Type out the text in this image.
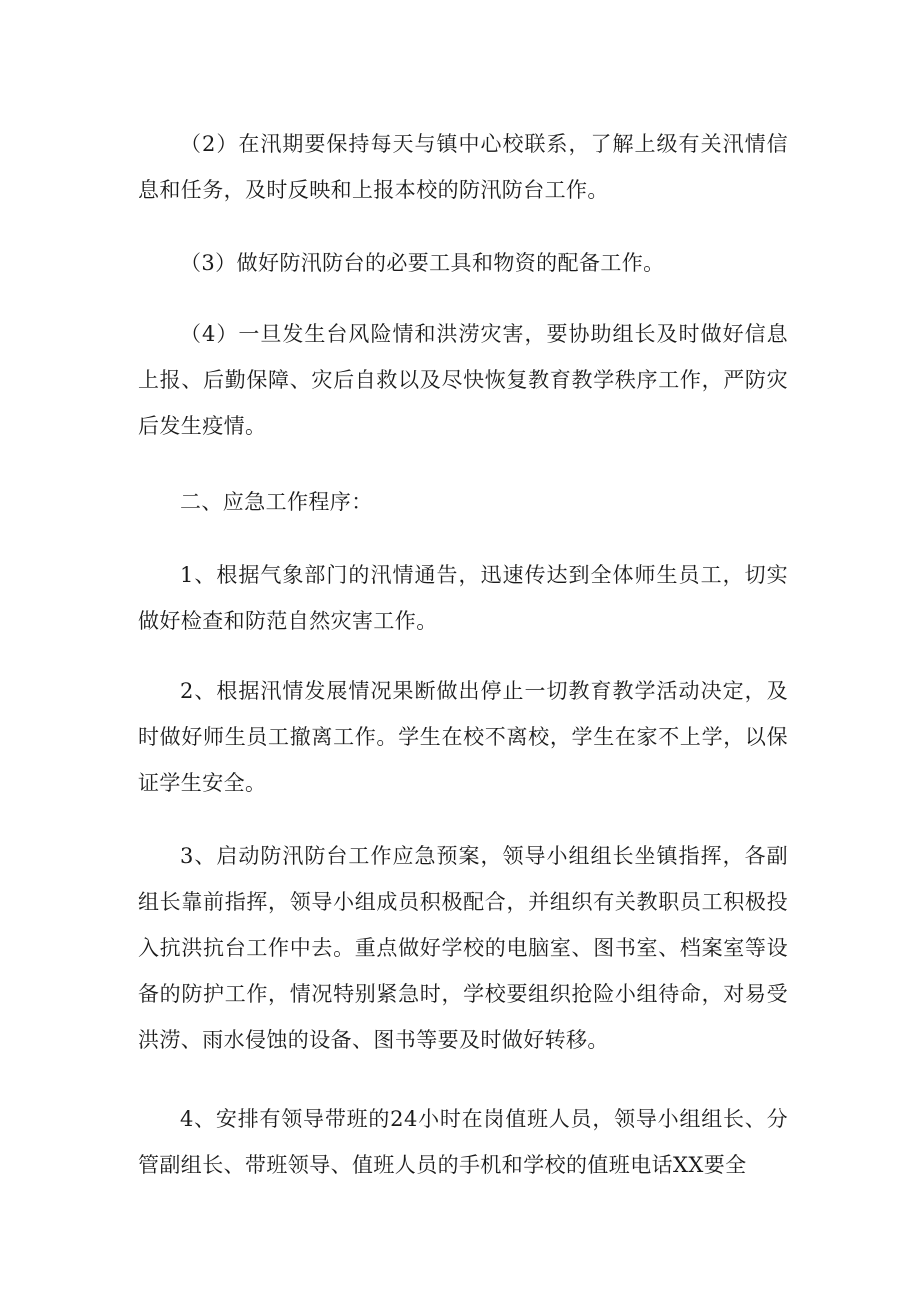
（2）在汛期要保持每天与镇中心校联系，了解上级有关汛情信息和任务，及时反映和上报本校的防汛防台工作。

（3）做好防汛防台的必要工具和物资的配备工作。

（4）一旦发生台风险情和洪涝灾害，要协助组长及时做好信息上报、后勤保障、灾后自救以及尽快恢复教育教学秩序工作，严防灾后发生疫情。

二、应急工作程序：

1、根据气象部门的汛情通告，迅速传达到全体师生员工，切实做好检查和防范自然灾害工作。

2、根据汛情发展情况果断做出停止一切教育教学活动决定，及时做好师生员工撤离工作。学生在校不离校，学生在家不上学，以保证学生安全。

3、启动防汛防台工作应急预案，领导小组组长坐镇指挥，各副组长靠前指挥，领导小组成员积极配合，并组织有关教职员工积极投入抗洪抗台工作中去。重点做好学校的电脑室、图书室、档案室等设备的防护工作，情况特别紧急时，学校要组织抢险小组待命，对易受洪涝、雨水侵蚀的设备、图书等要及时做好转移。

4、安排有领导带班的24小时在岗值班人员，领导小组组长、分管副组长、带班领导、值班人员的手机和学校的值班电话XX要全
